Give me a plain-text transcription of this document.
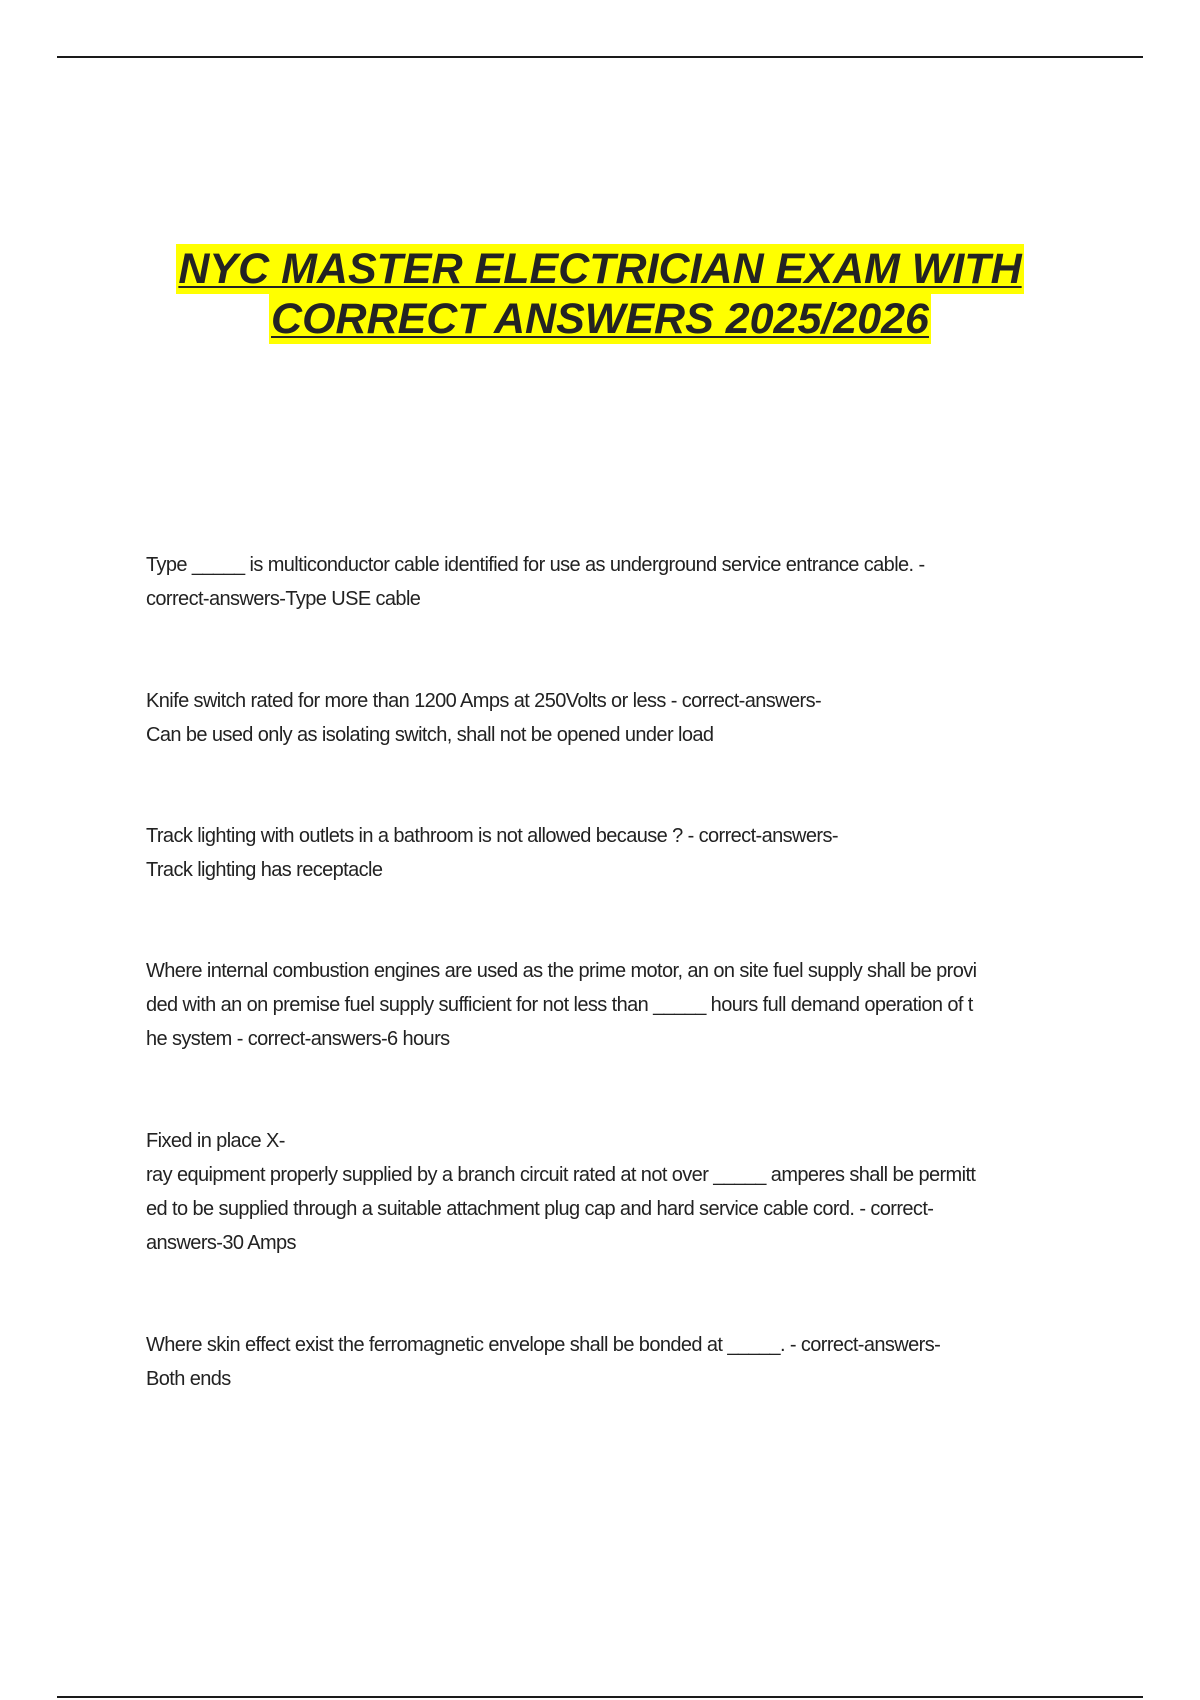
NYC MASTER ELECTRICIAN EXAM WITH
CORRECT ANSWERS 2025/2026
Type _____ is multiconductor cable identified for use as underground service entrance cable. -
correct-answers-Type USE cable
Knife switch rated for more than 1200 Amps at 250Volts or less - correct-answers-
Can be used only as isolating switch, shall not be opened under load
Track lighting with outlets in a bathroom is not allowed because ? - correct-answers-
Track lighting has receptacle
Where internal combustion engines are used as the prime motor, an on site fuel supply shall be provi
ded with an on premise fuel supply sufficient for not less than _____ hours full demand operation of t
he system - correct-answers-6 hours
Fixed in place X-
ray equipment properly supplied by a branch circuit rated at not over _____ amperes shall be permitt
ed to be supplied through a suitable attachment plug cap and hard service cable cord. - correct-
answers-30 Amps
Where skin effect exist the ferromagnetic envelope shall be bonded at _____. - correct-answers-
Both ends
